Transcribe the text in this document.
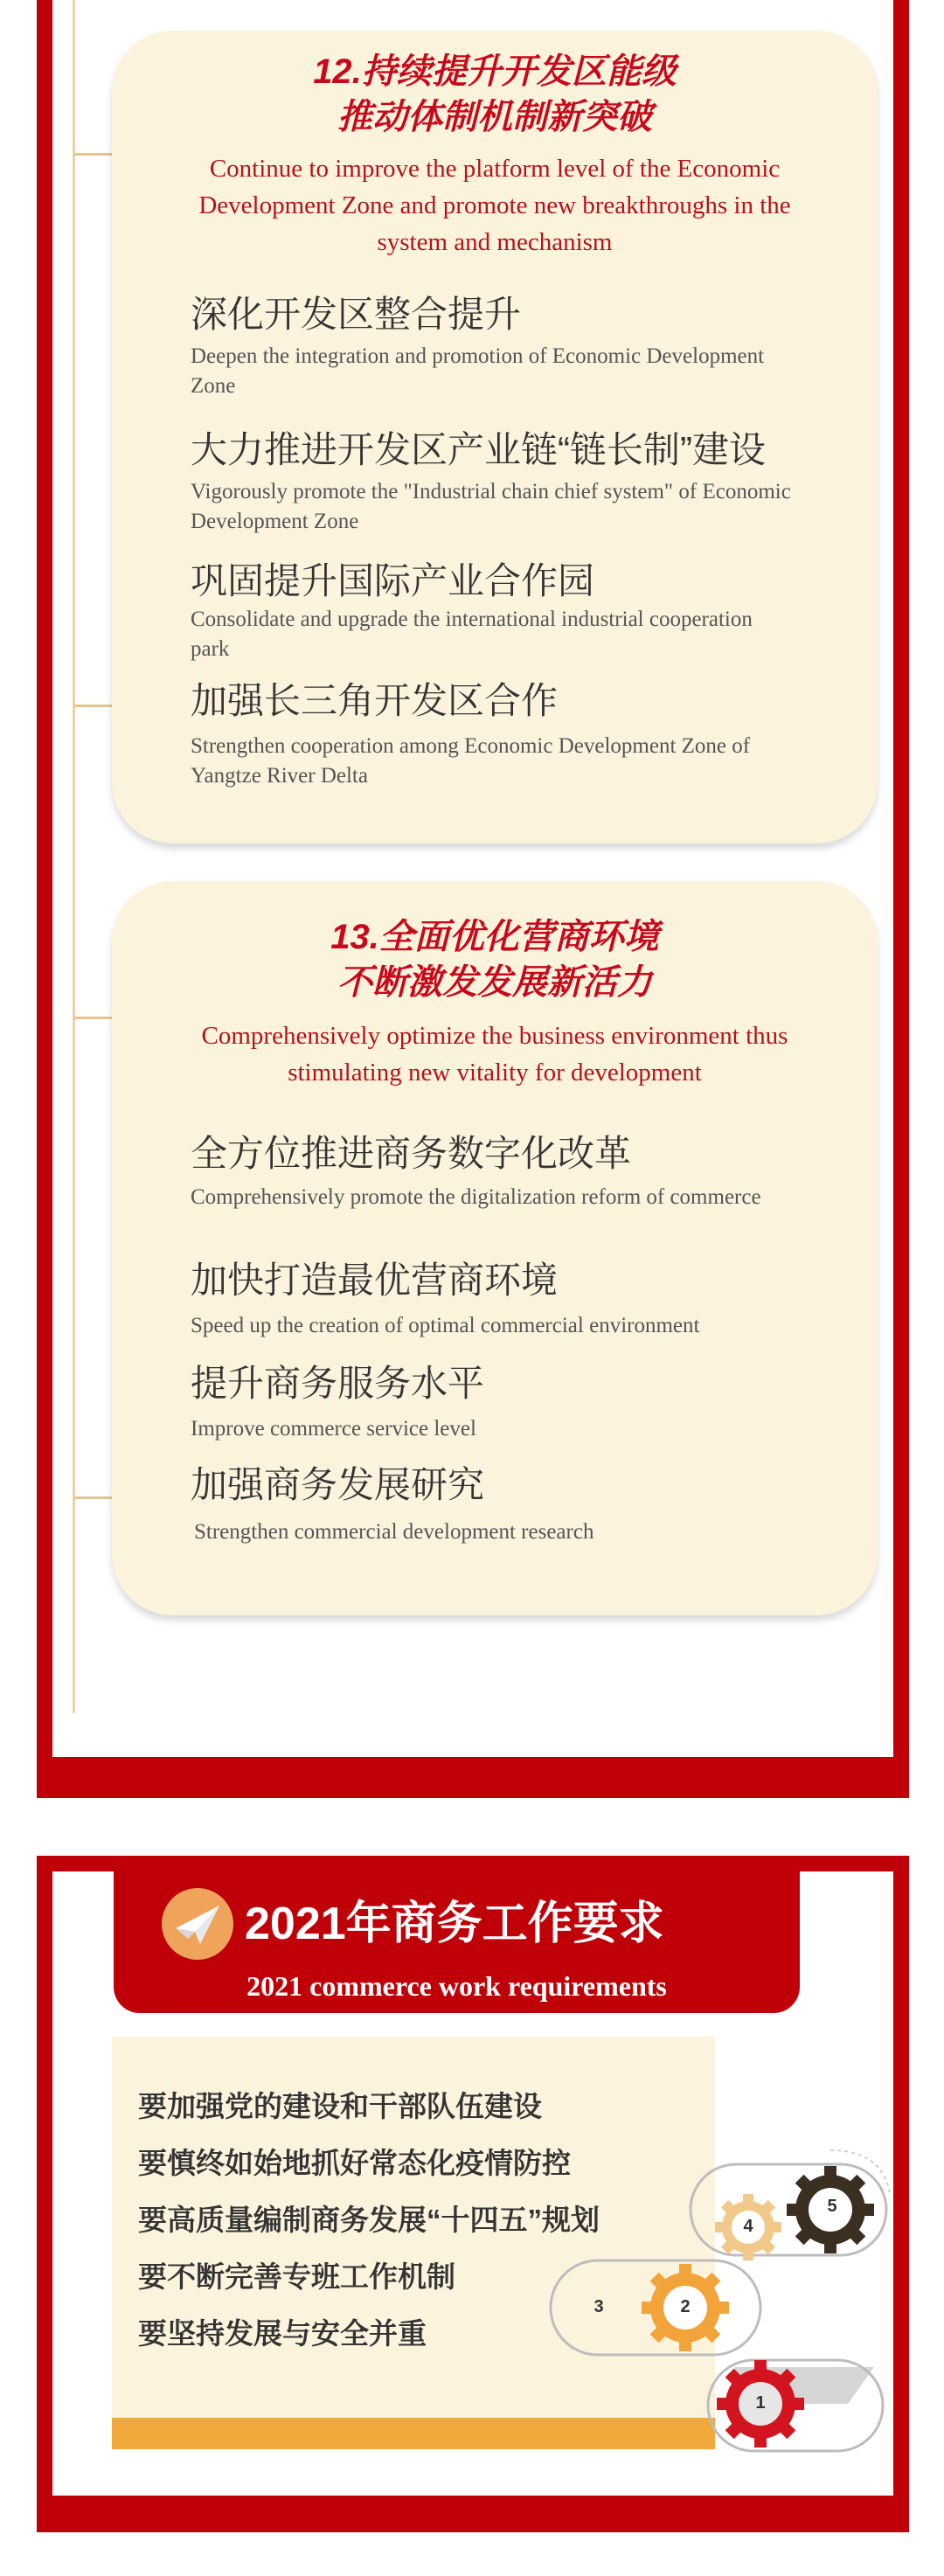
12.持续提升开发区能级
推动体制机制新突破
Continue to improve the platform level of the Economic Development Zone and promote new breakthroughs in the system and mechanism
深化开发区整合提升
Deepen the integration and promotion of Economic Development Zone
大力推进开发区产业链“链长制”建设
Vigorously promote the "Industrial chain chief system" of Economic Development Zone
巩固提升国际产业合作园
Consolidate and upgrade the international industrial cooperation park
加强长三角开发区合作
Strengthen cooperation among Economic Development Zone of Yangtze River Delta
13.全面优化营商环境
不断激发发展新活力
Comprehensively optimize the business environment thus stimulating new vitality for development
全方位推进商务数字化改革
Comprehensively promote the digitalization reform of commerce
加快打造最优营商环境
Speed up the creation of optimal commercial environment
提升商务服务水平
Improve commerce service level
加强商务发展研究
Strengthen commercial development research
2021年商务工作要求
2021 commerce work requirements
要加强党的建设和干部队伍建设
要慎终如始地抓好常态化疫情防控
要高质量编制商务发展“十四五”规划
要不断完善专班工作机制
要坚持发展与安全并重
5
4
2
3
1
